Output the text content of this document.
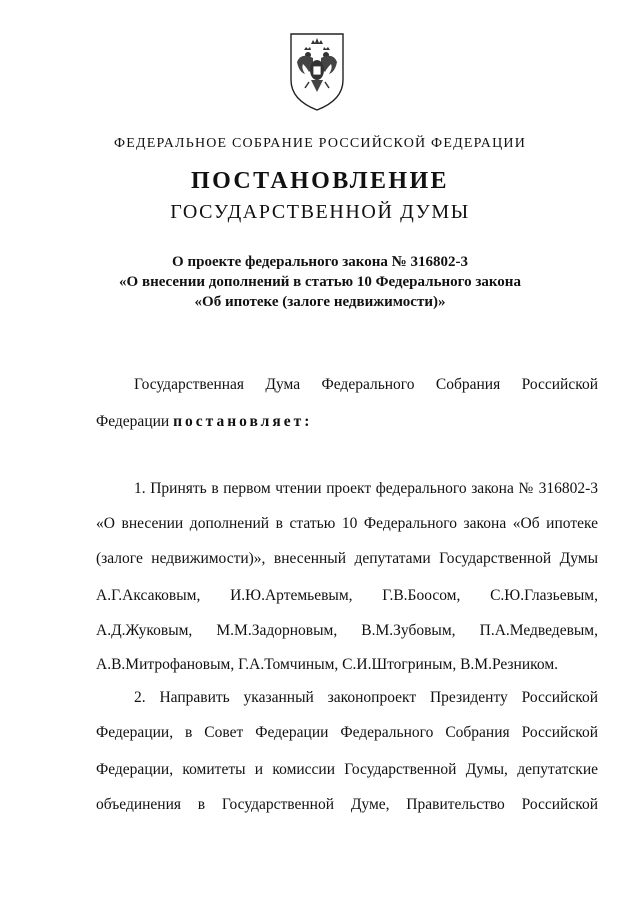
ФЕДЕРАЛЬНОЕ СОБРАНИЕ РОССИЙСКОЙ ФЕДЕРАЦИИ
ПОСТАНОВЛЕНИЕ
ГОСУДАРСТВЕННОЙ ДУМЫ
О проекте федерального закона № 316802-3
«О внесении дополнений в статью 10 Федерального закона
«Об ипотеке (залоге недвижимости)»
Государственная Дума Федерального Собрания Российской
Федерации постановляет:
1. Принять в первом чтении проект федерального закона № 316802-3
«О внесении дополнений в статью 10 Федерального закона «Об ипотеке
(залоге недвижимости)», внесенный депутатами Государственной Думы
А.Г.Аксаковым, И.Ю.Артемьевым, Г.В.Боосом, С.Ю.Глазьевым,
А.Д.Жуковым, М.М.Задорновым, В.М.Зубовым, П.А.Медведевым,
А.В.Митрофановым, Г.А.Томчиным, С.И.Штогриным, В.М.Резником.
2. Направить указанный законопроект Президенту Российской
Федерации, в Совет Федерации Федерального Собрания Российской
Федерации, комитеты и комиссии Государственной Думы, депутатские
объединения в Государственной Думе, Правительство Российской
